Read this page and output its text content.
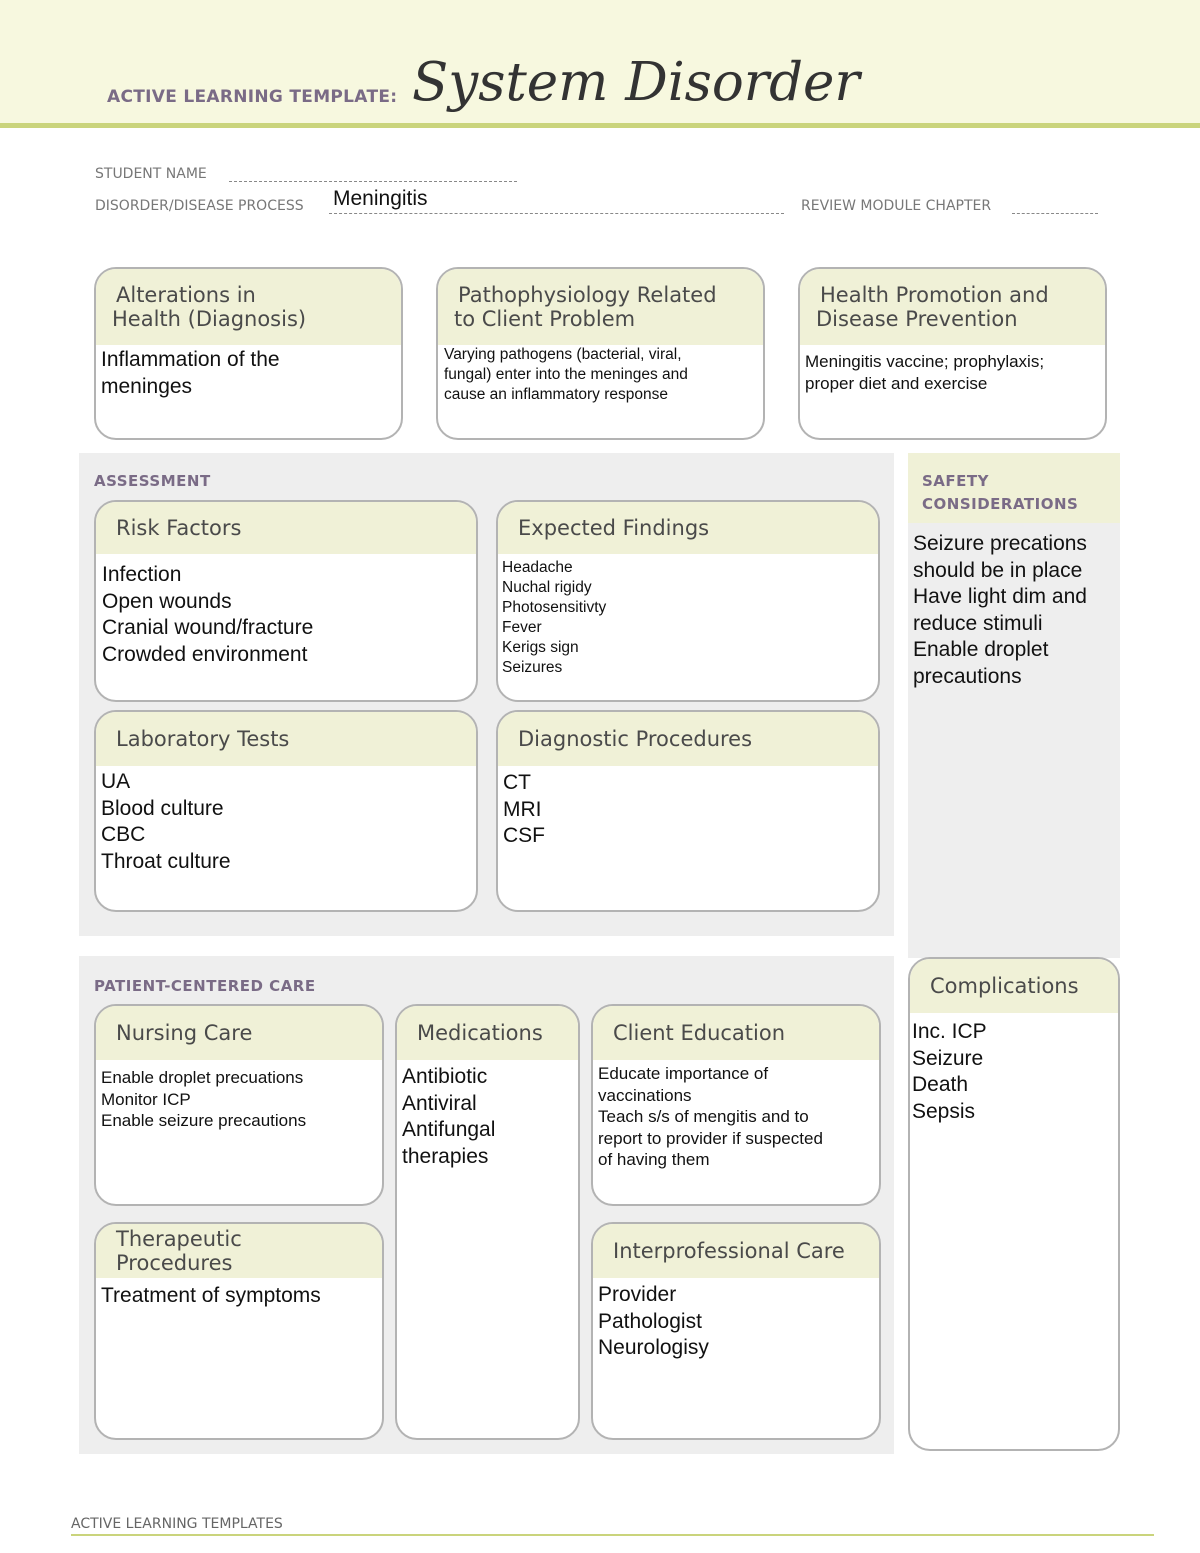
ACTIVE LEARNING TEMPLATE: System Disorder
STUDENT NAME
DISORDER/DISEASE PROCESS Meningitis	REVIEW MODULE CHAPTER
Alterations in
Health (Diagnosis)
Inflammation of the
meninges
Pathophysiology Related
to Client Problem
Varying pathogens (bacterial, viral,
fungal) enter into the meninges and
cause an inflammatory response
Health Promotion and
Disease Prevention
Meningitis vaccine; prophylaxis;
proper diet and exercise
ASSESSMENT
Risk Factors
Infection
Open wounds
Cranial wound/fracture
Crowded environment
Expected Findings
Headache
Nuchal rigidy
Photosensitivty
Fever
Kerigs sign
Seizures
Laboratory Tests
UA
Blood culture
CBC
Throat culture
Diagnostic Procedures
CT
MRI
CSF
SAFETY
CONSIDERATIONS
Seizure precations
should be in place
Have light dim and
reduce stimuli
Enable droplet
precautions
PATIENT-CENTERED CARE
Nursing Care
Enable droplet precuations
Monitor ICP
Enable seizure precautions
Medications
Antibiotic
Antiviral
Antifungal
therapies
Client Education
Educate importance of
vaccinations
Teach s/s of mengitis and to
report to provider if suspected
of having them
Therapeutic Procedures
Treatment of symptoms
Interprofessional Care
Provider
Pathologist
Neurologisy
Complications
Inc. ICP
Seizure
Death
Sepsis
ACTIVE LEARNING TEMPLATES
